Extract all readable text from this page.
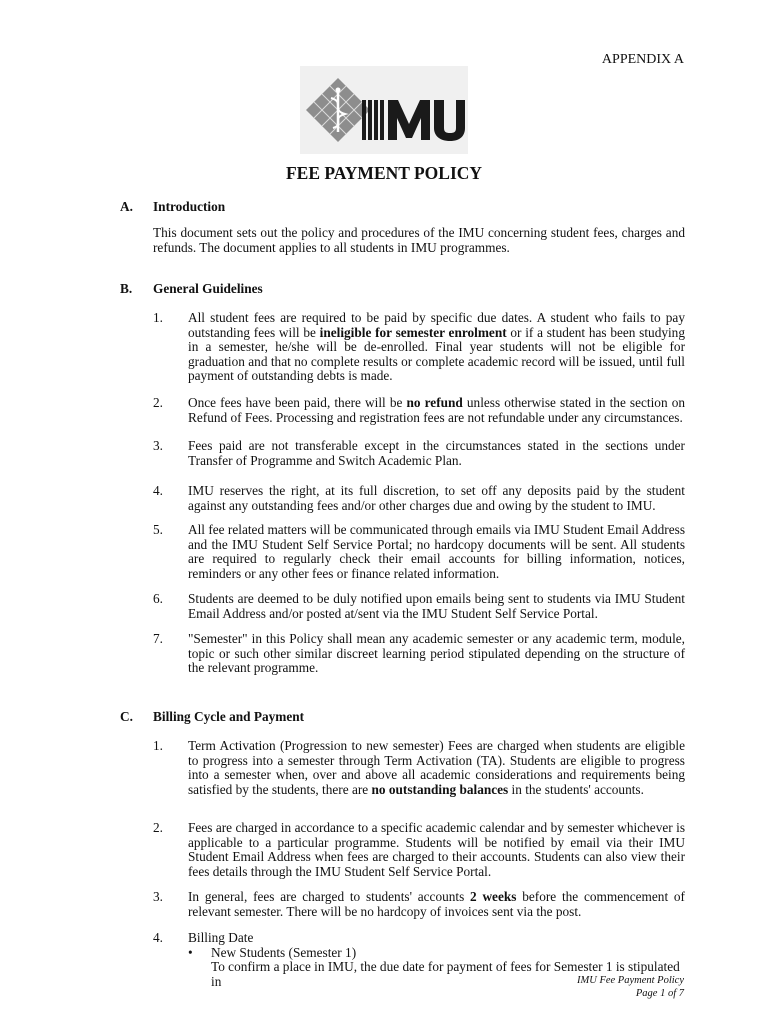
APPENDIX A
FEE PAYMENT POLICY
A. Introduction
This document sets out the policy and procedures of the IMU concerning student fees, charges and refunds. The document applies to all students in IMU programmes.
B. General Guidelines
1. All student fees are required to be paid by specific due dates. A student who fails to pay outstanding fees will be ineligible for semester enrolment or if a student has been studying in a semester, he/she will be de-enrolled. Final year students will not be eligible for graduation and that no complete results or complete academic record will be issued, until full payment of outstanding debts is made.
2. Once fees have been paid, there will be no refund unless otherwise stated in the section on Refund of Fees. Processing and registration fees are not refundable under any circumstances.
3. Fees paid are not transferable except in the circumstances stated in the sections under Transfer of Programme and Switch Academic Plan.
4. IMU reserves the right, at its full discretion, to set off any deposits paid by the student against any outstanding fees and/or other charges due and owing by the student to IMU.
5. All fee related matters will be communicated through emails via IMU Student Email Address and the IMU Student Self Service Portal; no hardcopy documents will be sent. All students are required to regularly check their email accounts for billing information, notices, reminders or any other fees or finance related information.
6. Students are deemed to be duly notified upon emails being sent to students via IMU Student Email Address and/or posted at/sent via the IMU Student Self Service Portal.
7. "Semester" in this Policy shall mean any academic semester or any academic term, module, topic or such other similar discreet learning period stipulated depending on the structure of the relevant programme.
C. Billing Cycle and Payment
1. Term Activation (Progression to new semester) Fees are charged when students are eligible to progress into a semester through Term Activation (TA). Students are eligible to progress into a semester when, over and above all academic considerations and requirements being satisfied by the students, there are no outstanding balances in the students' accounts.
2. Fees are charged in accordance to a specific academic calendar and by semester whichever is applicable to a particular programme. Students will be notified by email via their IMU Student Email Address when fees are charged to their accounts. Students can also view their fees details through the IMU Student Self Service Portal.
3. In general, fees are charged to students' accounts 2 weeks before the commencement of relevant semester. There will be no hardcopy of invoices sent via the post.
4. Billing Date
• New Students (Semester 1)
To confirm a place in IMU, the due date for payment of fees for Semester 1 is stipulated in	IMU Fee Payment Policy
Page 1 of 7
